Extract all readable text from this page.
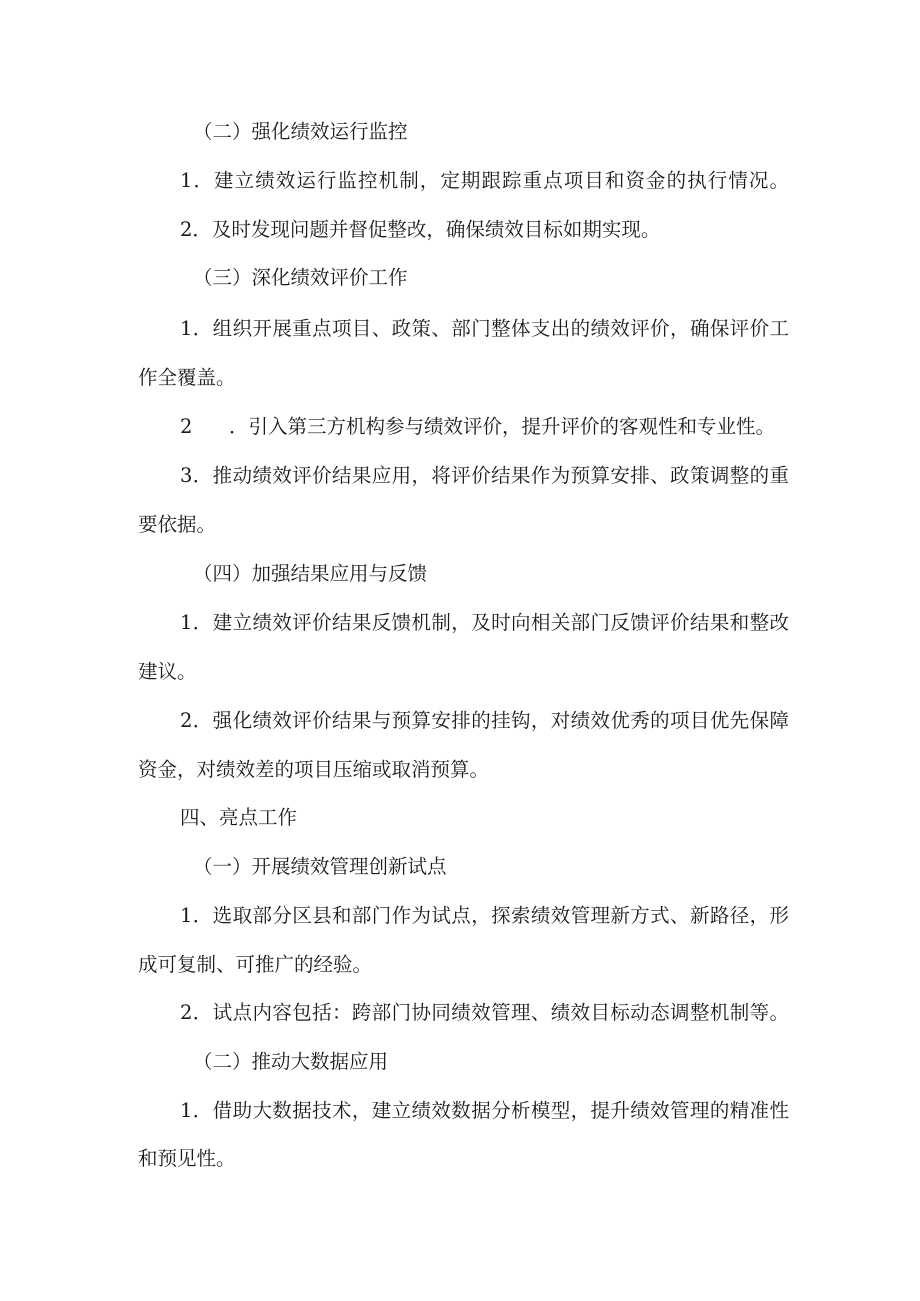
（二）强化绩效运行监控
1．建立绩效运行监控机制，定期跟踪重点项目和资金的执行情况。
2．及时发现问题并督促整改，确保绩效目标如期实现。
（三）深化绩效评价工作
1．组织开展重点项目、政策、部门整体支出的绩效评价，确保评价工
作全覆盖。
2 ．引入第三方机构参与绩效评价，提升评价的客观性和专业性。
3．推动绩效评价结果应用，将评价结果作为预算安排、政策调整的重
要依据。
（四）加强结果应用与反馈
1．建立绩效评价结果反馈机制，及时向相关部门反馈评价结果和整改
建议。
2．强化绩效评价结果与预算安排的挂钩，对绩效优秀的项目优先保障
资金，对绩效差的项目压缩或取消预算。
四、亮点工作
（一）开展绩效管理创新试点
1．选取部分区县和部门作为试点，探索绩效管理新方式、新路径，形
成可复制、可推广的经验。
2．试点内容包括：跨部门协同绩效管理、绩效目标动态调整机制等。
（二）推动大数据应用
1．借助大数据技术，建立绩效数据分析模型，提升绩效管理的精准性
和预见性。
